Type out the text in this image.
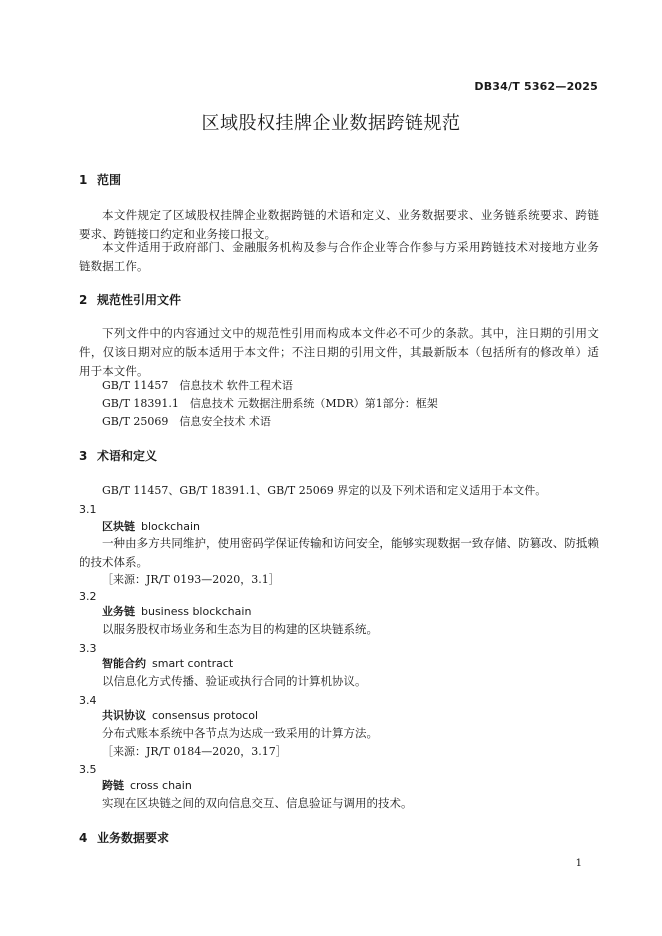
DB34/T 5362—2025
区域股权挂牌企业数据跨链规范
1 范围

本文件规定了区域股权挂牌企业数据跨链的术语和定义、业务数据要求、业务链系统要求、跨链要求、跨链接口约定和业务接口报文。

本文件适用于政府部门、金融服务机构及参与合作企业等合作参与方采用跨链技术对接地方业务链数据工作。

2 规范性引用文件

下列文件中的内容通过文中的规范性引用而构成本文件必不可少的条款。其中，注日期的引用文件，仅该日期对应的版本适用于本文件；不注日期的引用文件，其最新版本（包括所有的修改单）适用于本文件。

GB/T 11457　信息技术 软件工程术语
GB/T 18391.1　信息技术 元数据注册系统（MDR）第1部分：框架
GB/T 25069　信息安全技术 术语
3 术语和定义
GB/T 11457、GB/T 18391.1、GB/T 25069 界定的以及下列术语和定义适用于本文件。
3.1
区块链 blockchain

一种由多方共同维护，使用密码学保证传输和访问安全，能够实现数据一致存储、防篡改、防抵赖的技术体系。

［来源：JR/T 0193—2020，3.1］
3.2
业务链 business blockchain

以服务股权市场业务和生态为目的构建的区块链系统。

3.3
智能合约 smart contract

以信息化方式传播、验证或执行合同的计算机协议。

3.4
共识协议 consensus protocol

分布式账本系统中各节点为达成一致采用的计算方法。

［来源：JR/T 0184—2020，3.17］
3.5
跨链 cross chain

实现在区块链之间的双向信息交互、信息验证与调用的技术。

4 业务数据要求
1
